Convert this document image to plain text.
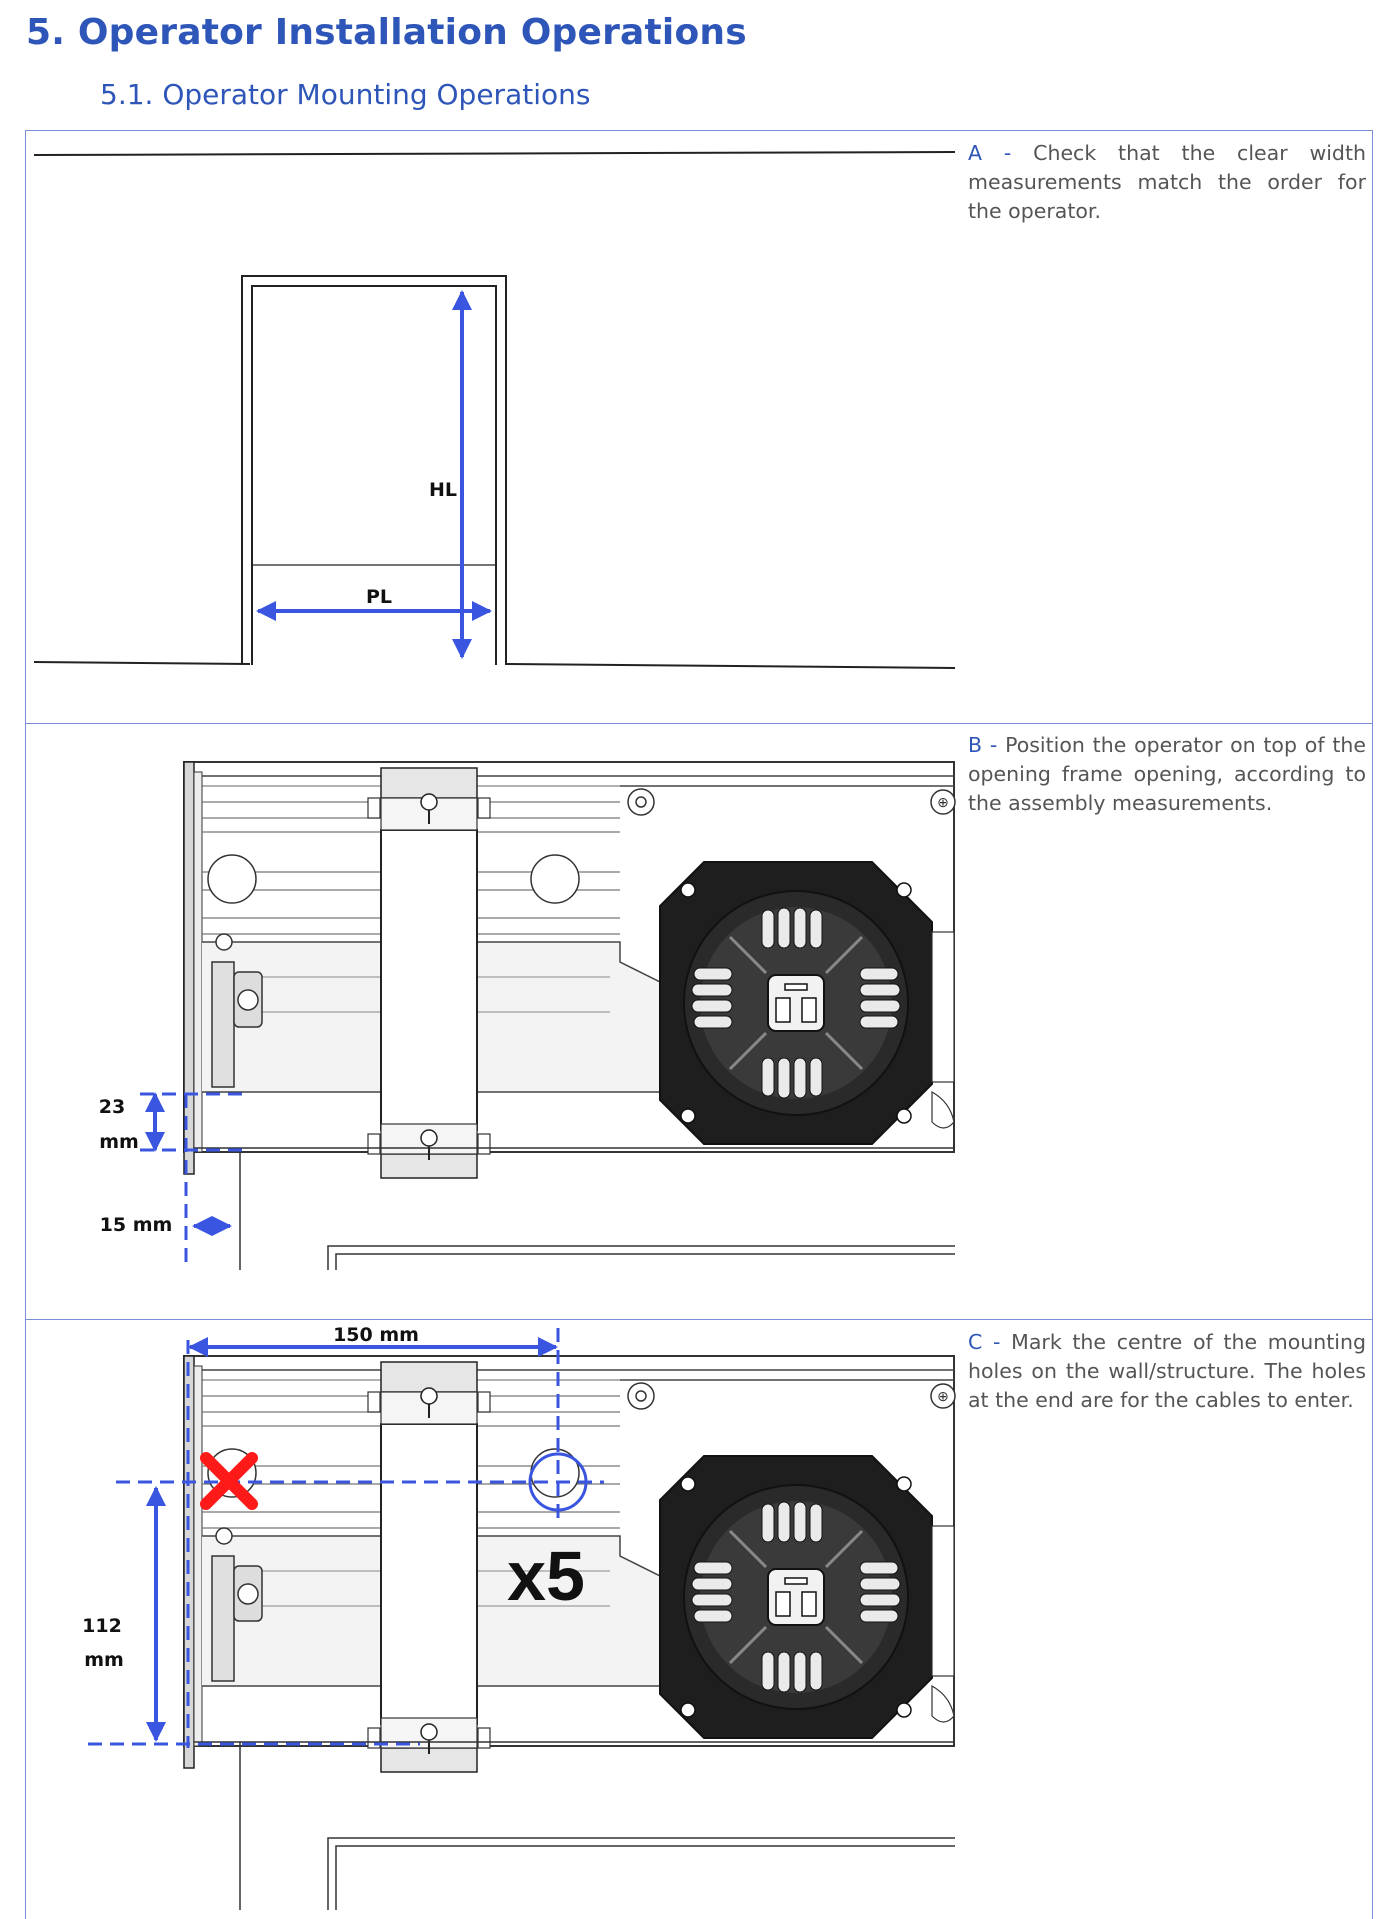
5. Operator Installation Operations
5.1. Operator Mounting Operations
A - Check that the clear width measurements match the order for the operator.
B - Position the operator on top of the opening frame opening, according to the assembly measurements.
C - Mark the centre of the mounting holes on the wall/structure. The holes at the end are for the cables to enter.
⊕
HL
PL
23
mm
15 mm
150 mm
112
mm
x5
